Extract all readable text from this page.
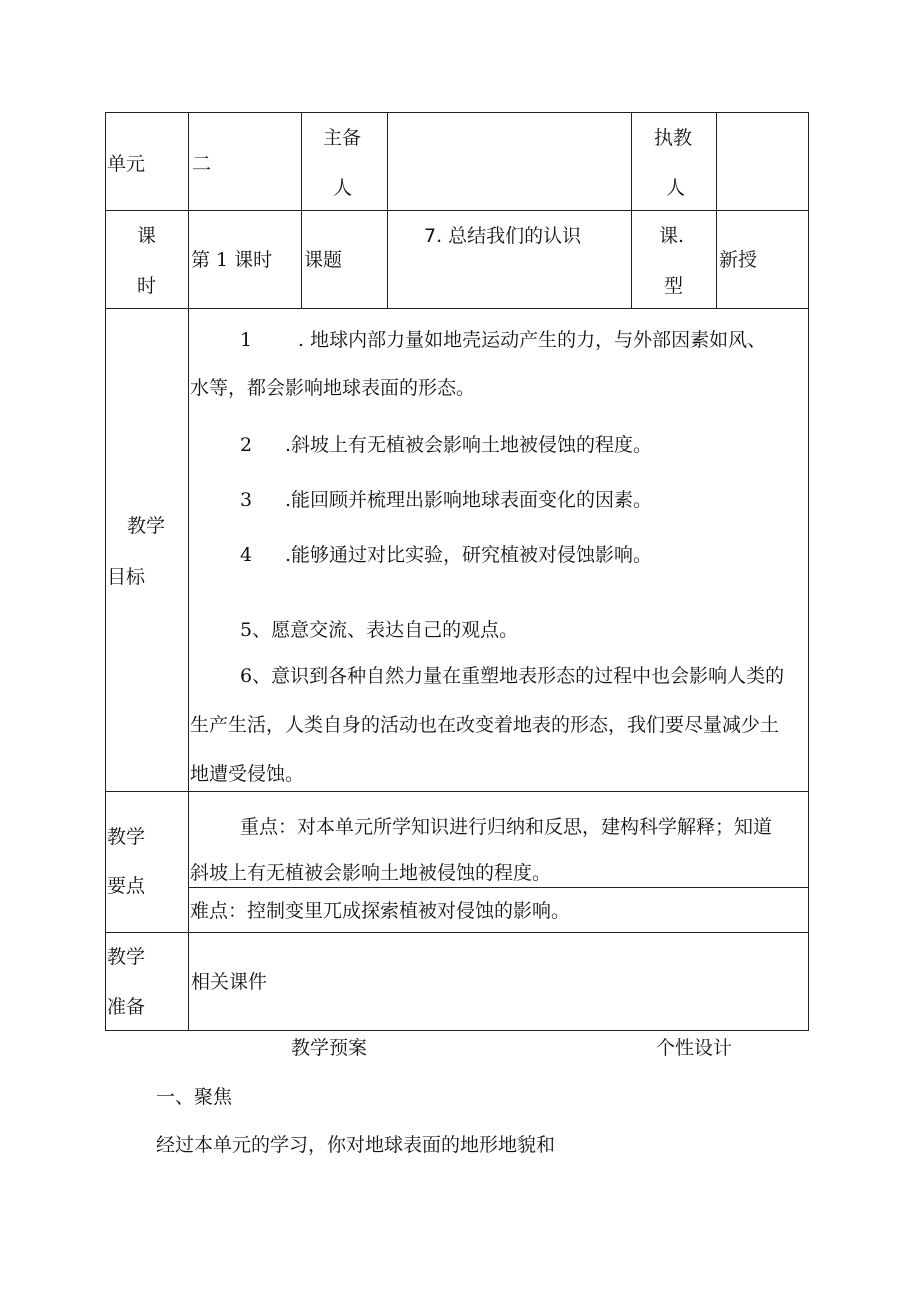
单元 二
主备
人
执教
人
课
时
第 1 课时 课题
7. 总结我们的认识	课.
型
新授
教学
目标
1 . 地球内部力量如地壳运动产生的力，与外部因素如风、
水等，都会影响地球表面的形态。
2 .斜坡上有无植被会影响土地被侵蚀的程度。
3 .能回顾并梳理出影响地球表面变化的因素。
4 .能够通过对比实验，研究植被对侵蚀影响。
5、愿意交流、表达自己的观点。
6、意识到各种自然力量在重塑地表形态的过程中也会影响人类的
生产生活，人类自身的活动也在改变着地表的形态，我们要尽量减少土
地遭受侵蚀。
教学
要点
重点：对本单元所学知识进行归纳和反思，建构科学解释；知道
斜坡上有无植被会影响土地被侵蚀的程度。
难点：控制变里兀成探索植被对侵蚀的影响。
教学
准备
相关课件
教学预案	个性设计
一、聚焦
经过本单元的学习，你对地球表面的地形地貌和
